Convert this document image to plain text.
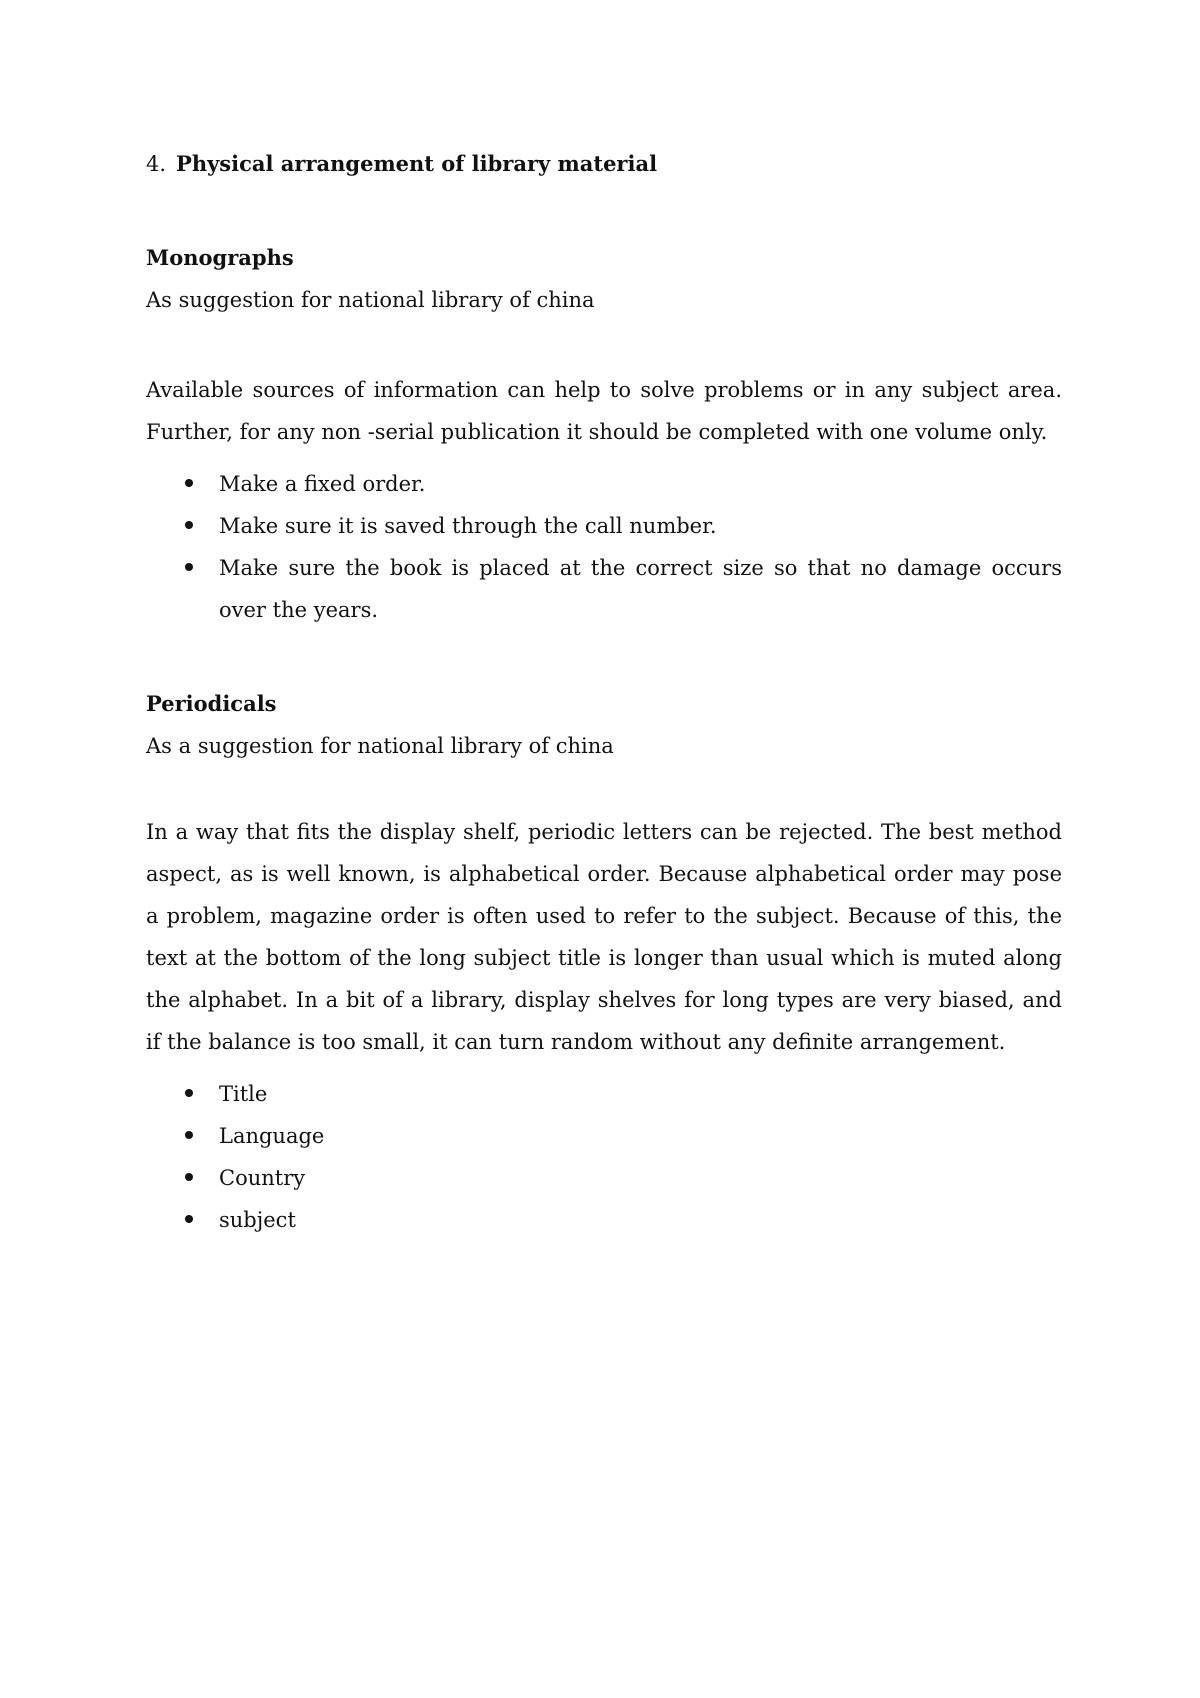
4. Physical arrangement of library material
Monographs

As suggestion for national library of china

Available sources of information can help to solve problems or in any subject area. Further, for any non -serial publication it should be completed with one volume only.

Make a fixed order.
Make sure it is saved through the call number.
Make sure the book is placed at the correct size so that no damage occurs over the years.
Periodicals

As a suggestion for national library of china

In a way that fits the display shelf, periodic letters can be rejected. The best method aspect, as is well known, is alphabetical order. Because alphabetical order may pose a problem, magazine order is often used to refer to the subject. Because of this, the text at the bottom of the long subject title is longer than usual which is muted along the alphabet. In a bit of a library, display shelves for long types are very biased, and if the balance is too small, it can turn random without any definite arrangement.

Title
Language
Country
subject
